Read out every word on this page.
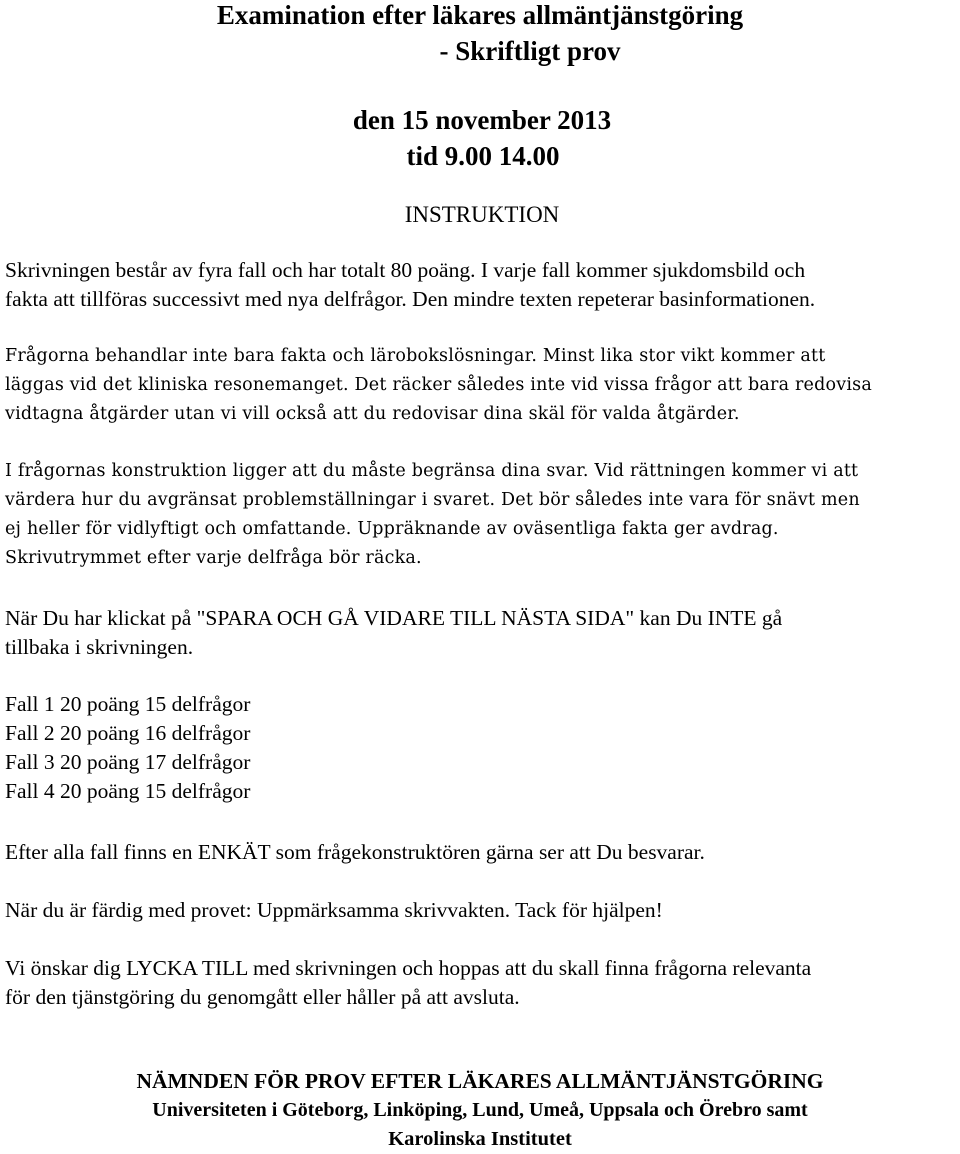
Examination efter läkares allmäntjänstgöring
- Skriftligt prov
den 15 november 2013
tid 9.00 14.00
INSTRUKTION
Skrivningen består av fyra fall och har totalt 80 poäng. I varje fall kommer sjukdomsbild och
fakta att tillföras successivt med nya delfrågor. Den mindre texten repeterar basinformationen.
Frågorna behandlar inte bara fakta och lärobokslösningar. Minst lika stor vikt kommer att
läggas vid det kliniska resonemanget. Det räcker således inte vid vissa frågor att bara redovisa
vidtagna åtgärder utan vi vill också att du redovisar dina skäl för valda åtgärder.
I frågornas konstruktion ligger att du måste begränsa dina svar. Vid rättningen kommer vi att
värdera hur du avgränsat problemställningar i svaret. Det bör således inte vara för snävt men
ej heller för vidlyftigt och omfattande. Uppräknande av oväsentliga fakta ger avdrag.
Skrivutrymmet efter varje delfråga bör räcka.
När Du har klickat på "SPARA OCH GÅ VIDARE TILL NÄSTA SIDA" kan Du INTE gå
tillbaka i skrivningen.
Fall 1 20 poäng 15 delfrågor
Fall 2 20 poäng 16 delfrågor
Fall 3 20 poäng 17 delfrågor
Fall 4 20 poäng 15 delfrågor
Efter alla fall finns en ENKÄT som frågekonstruktören gärna ser att Du besvarar.
När du är färdig med provet: Uppmärksamma skrivvakten. Tack för hjälpen!
Vi önskar dig LYCKA TILL med skrivningen och hoppas att du skall finna frågorna relevanta
för den tjänstgöring du genomgått eller håller på att avsluta.
NÄMNDEN FÖR PROV EFTER LÄKARES ALLMÄNTJÄNSTGÖRING
Universiteten i Göteborg, Linköping, Lund, Umeå, Uppsala och Örebro samt
Karolinska Institutet
